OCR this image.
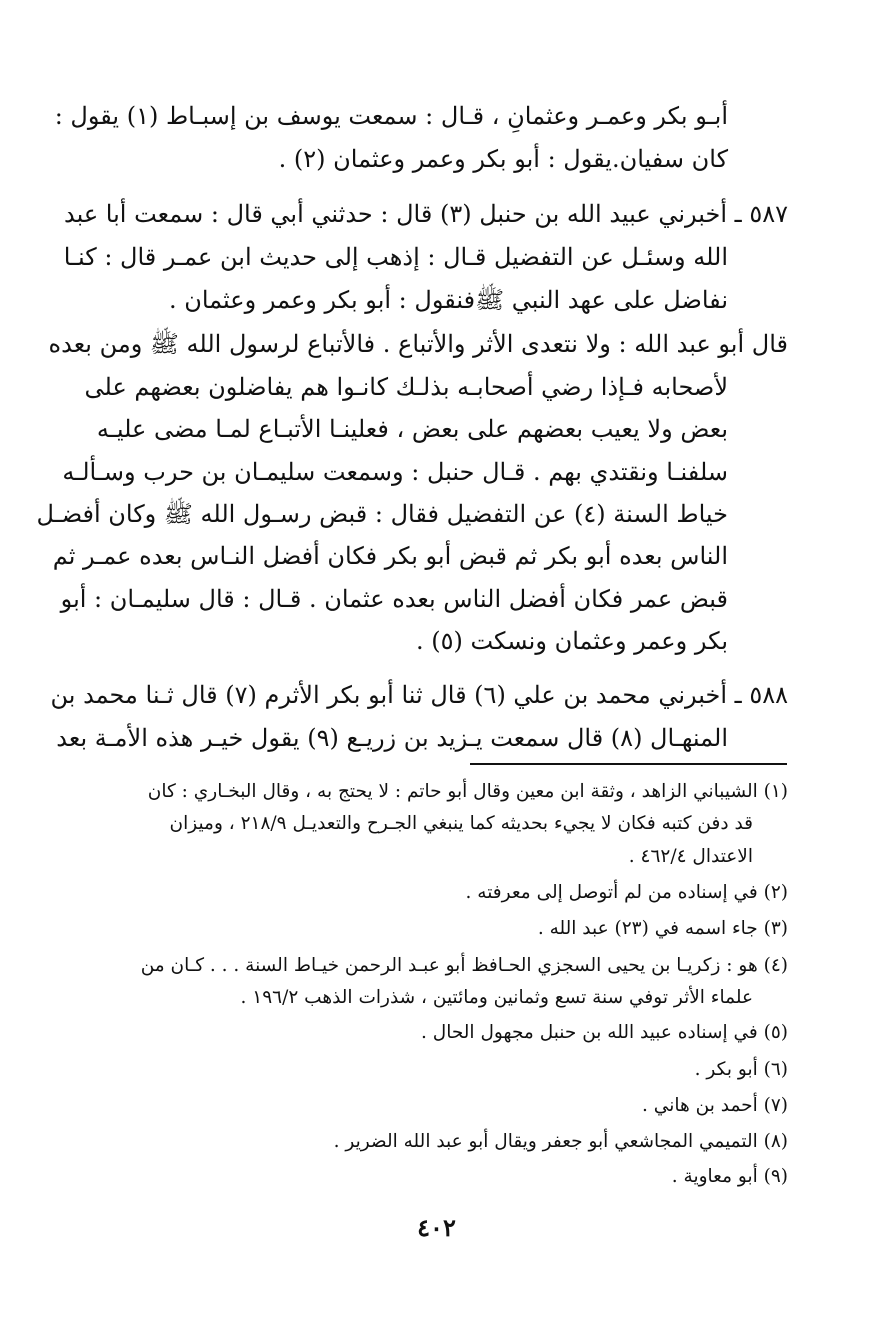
أبـو بكر وعمـر وعثمانِ ، قـال : سمعت يوسف بن إسبـاط (١) يقول :
كان سفيان.يقول : أبو بكر وعمر وعثمان (٢) .
٥٨٧ ـ أخبرني عبيد الله بن حنبل (٣) قال : حدثني أبي قال : سمعت أبا عبد
الله وسئـل عن التفضيل قـال : إذهب إلى حديث ابن عمـر قال : كنـا
نفاضل على عهد النبي ﷺفنقول : أبو بكر وعمر وعثمان .
قال أبو عبد الله : ولا نتعدى الأثر والأتباع . فالأتباع لرسول الله ﷺ ومن بعده
لأصحابه فـإذا رضي أصحابـه بذلـك كانـوا هم يفاضلون بعضهم على
بعض ولا يعيب بعضهم على بعض ، فعلينـا الأتبـاع لمـا مضى عليـه
سلفنـا ونقتدي بهم . قـال حنبل : وسمعت سليمـان بن حرب وسـألـه
خياط السنة (٤) عن التفضيل فقال : قبض رسـول الله ﷺ وكان أفضـل
الناس بعده أبو بكر ثم قبض أبو بكر فكان أفضل النـاس بعده عمـر ثم
قبض عمر فكان أفضل الناس بعده عثمان . قـال : قال سليمـان : أبو
بكر وعمر وعثمان ونسكت (٥) .
٥٨٨ ـ أخبرني محمد بن علي (٦) قال ثنا أبو بكر الأثرم (٧) قال ثـنا محمد بن
المنهـال (٨) قال سمعت يـزيد بن زريـع (٩) يقول خيـر هذه الأمـة بعد
(١) الشيباني الزاهد ، وثقة ابن معين وقال أبو حاتم : لا يحتج به ، وقال البخـاري : كان
قد دفن كتبه فكان لا يجيء بحديثه كما ينبغي الجـرح والتعديـل ٢١٨/٩ ، وميزان
الاعتدال ٤٦٢/٤ .
(٢) في إسناده من لم أتوصل إلى معرفته .
(٣) جاء اسمه في (٢٣) عبد الله .
(٤) هو : زكريـا بن يحيى السجزي الحـافظ أبو عبـد الرحمن خيـاط السنة . . . كـان من
علماء الأثر توفي سنة تسع وثمانين ومائتين ، شذرات الذهب ١٩٦/٢ .
(٥) في إسناده عبيد الله بن حنبل مجهول الحال .
(٦) أبو بكر .
(٧) أحمد بن هاني .
(٨) التميمي المجاشعي أبو جعفر ويقال أبو عبد الله الضرير .
(٩) أبو معاوية .
٤٠٢
